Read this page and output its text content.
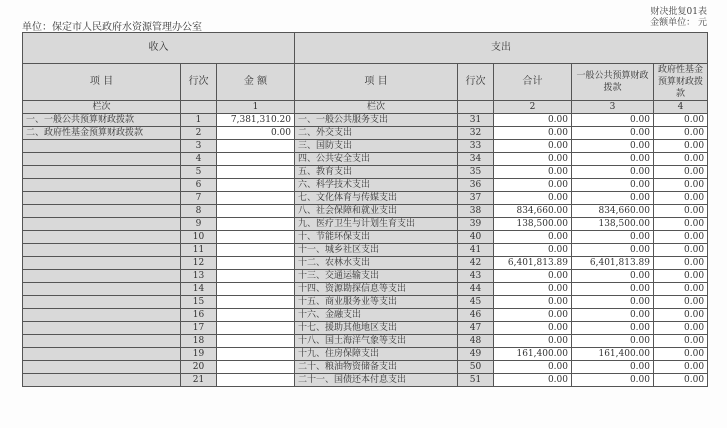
财决批复01表
金额单位： 元
单位：保定市人民政府水资源管理办公室
收入			支出				
项 目	行次	金 额	项 目	行次	合计	一般公共预算财政拨款	政府性基金预算财政拨款
栏次		1	栏次		2	3	4
一、一般公共预算财政拨款	1	7,381,310.20	一、一般公共服务支出	31	0.00	0.00	0.00
二、政府性基金预算财政拨款	2	0.00	二、外交支出	32	0.00	0.00	0.00
	3		三、国防支出	33	0.00	0.00	0.00
	4		四、公共安全支出	34	0.00	0.00	0.00
	5		五、教育支出	35	0.00	0.00	0.00
	6		六、科学技术支出	36	0.00	0.00	0.00
	7		七、文化体育与传媒支出	37	0.00	0.00	0.00
	8		八、社会保障和就业支出	38	834,660.00	834,660.00	0.00
	9		九、医疗卫生与计划生育支出	39	138,500.00	138,500.00	0.00
	10		十、节能环保支出	40	0.00	0.00	0.00
	11		十一、城乡社区支出	41	0.00	0.00	0.00
	12		十二、农林水支出	42	6,401,813.89	6,401,813.89	0.00
	13		十三、交通运输支出	43	0.00	0.00	0.00
	14		十四、资源勘探信息等支出	44	0.00	0.00	0.00
	15		十五、商业服务业等支出	45	0.00	0.00	0.00
	16		十六、金融支出	46	0.00	0.00	0.00
	17		十七、援助其他地区支出	47	0.00	0.00	0.00
	18		十八、国土海洋气象等支出	48	0.00	0.00	0.00
	19		十九、住房保障支出	49	161,400.00	161,400.00	0.00
	20		二十、粮油物资储备支出	50	0.00	0.00	0.00
	21		二十一、国债还本付息支出	51	0.00	0.00	0.00
